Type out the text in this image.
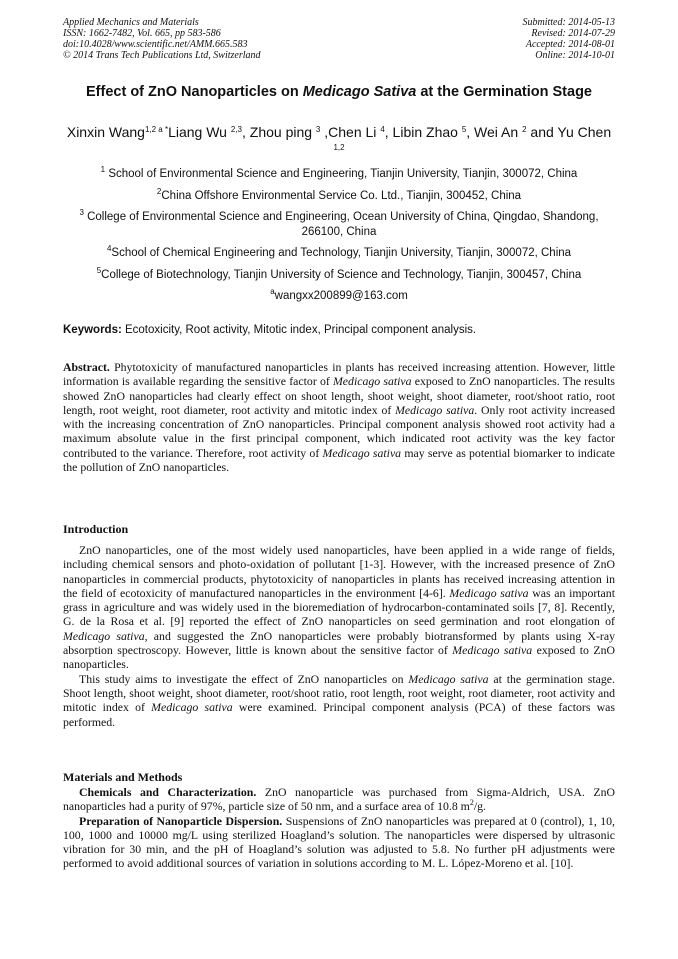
Applied Mechanics and Materials
ISSN: 1662-7482, Vol. 665, pp 583-586
doi:10.4028/www.scientific.net/AMM.665.583
© 2014 Trans Tech Publications Ltd, Switzerland
Submitted: 2014-05-13
Revised: 2014-07-29
Accepted: 2014-08-01
Online: 2014-10-01
Effect of ZnO Nanoparticles on Medicago Sativa at the Germination Stage
Xinxin Wang$^{1,2 a *}$Liang Wu $^{2,3}$, Zhou ping $^3$ ,Chen Li $^4$, Libin Zhao $^5$, Wei An $^2$ and Yu Chen $^{1,2}$
$^1$ School of Environmental Science and Engineering, Tianjin University, Tianjin, 300072, China
$^2$China Offshore Environmental Service Co. Ltd., Tianjin, 300452, China
$^3$ College of Environmental Science and Engineering, Ocean University of China, Qingdao, Shandong, 266100, China
$^4$School of Chemical Engineering and Technology, Tianjin University, Tianjin, 300072, China
$^5$College of Biotechnology, Tianjin University of Science and Technology, Tianjin, 300457, China
$^a$wangxx200899@163.com
Keywords: Ecotoxicity, Root activity, Mitotic index, Principal component analysis.
Abstract. Phytotoxicity of manufactured nanoparticles in plants has received increasing attention. However, little information is available regarding the sensitive factor of Medicago sativa exposed to ZnO nanoparticles. The results showed ZnO nanoparticles had clearly effect on shoot length, shoot weight, shoot diameter, root/shoot ratio, root length, root weight, root diameter, root activity and mitotic index of Medicago sativa. Only root activity increased with the increasing concentration of ZnO nanoparticles. Principal component analysis showed root activity had a maximum absolute value in the first principal component, which indicated root activity was the key factor contributed to the variance. Therefore, root activity of Medicago sativa may serve as potential biomarker to indicate the pollution of ZnO nanoparticles.
Introduction

ZnO nanoparticles, one of the most widely used nanoparticles, have been applied in a wide range of fields, including chemical sensors and photo-oxidation of pollutant [1-3]. However, with the increased presence of ZnO nanoparticles in commercial products, phytotoxicity of nanoparticles in plants has received increasing attention in the field of ecotoxicity of manufactured nanoparticles in the environment [4-6]. Medicago sativa was an important grass in agriculture and was widely used in the bioremediation of hydrocarbon-contaminated soils [7, 8]. Recently, G. de la Rosa et al. [9] reported the effect of ZnO nanoparticles on seed germination and root elongation of Medicago sativa, and suggested the ZnO nanoparticles were probably biotransformed by plants using X-ray absorption spectroscopy. However, little is known about the sensitive factor of Medicago sativa exposed to ZnO nanoparticles.

This study aims to investigate the effect of ZnO nanoparticles on Medicago sativa at the germination stage. Shoot length, shoot weight, shoot diameter, root/shoot ratio, root length, root weight, root diameter, root activity and mitotic index of Medicago sativa were examined. Principal component analysis (PCA) of these factors was performed.

Materials and Methods

Chemicals and Characterization. ZnO nanoparticle was purchased from Sigma-Aldrich, USA. ZnO nanoparticles had a purity of 97%, particle size of 50 nm, and a surface area of 10.8 $m^2/g$.

Preparation of Nanoparticle Dispersion. Suspensions of ZnO nanoparticles was prepared at 0 (control), 1, 10, 100, 1000 and 10000 mg/L using sterilized Hoagland’s solution. The nanoparticles were dispersed by ultrasonic vibration for 30 min, and the pH of Hoagland’s solution was adjusted to 5.8. No further pH adjustments were performed to avoid additional sources of variation in solutions according to M. L. López-Moreno et al. [10].
